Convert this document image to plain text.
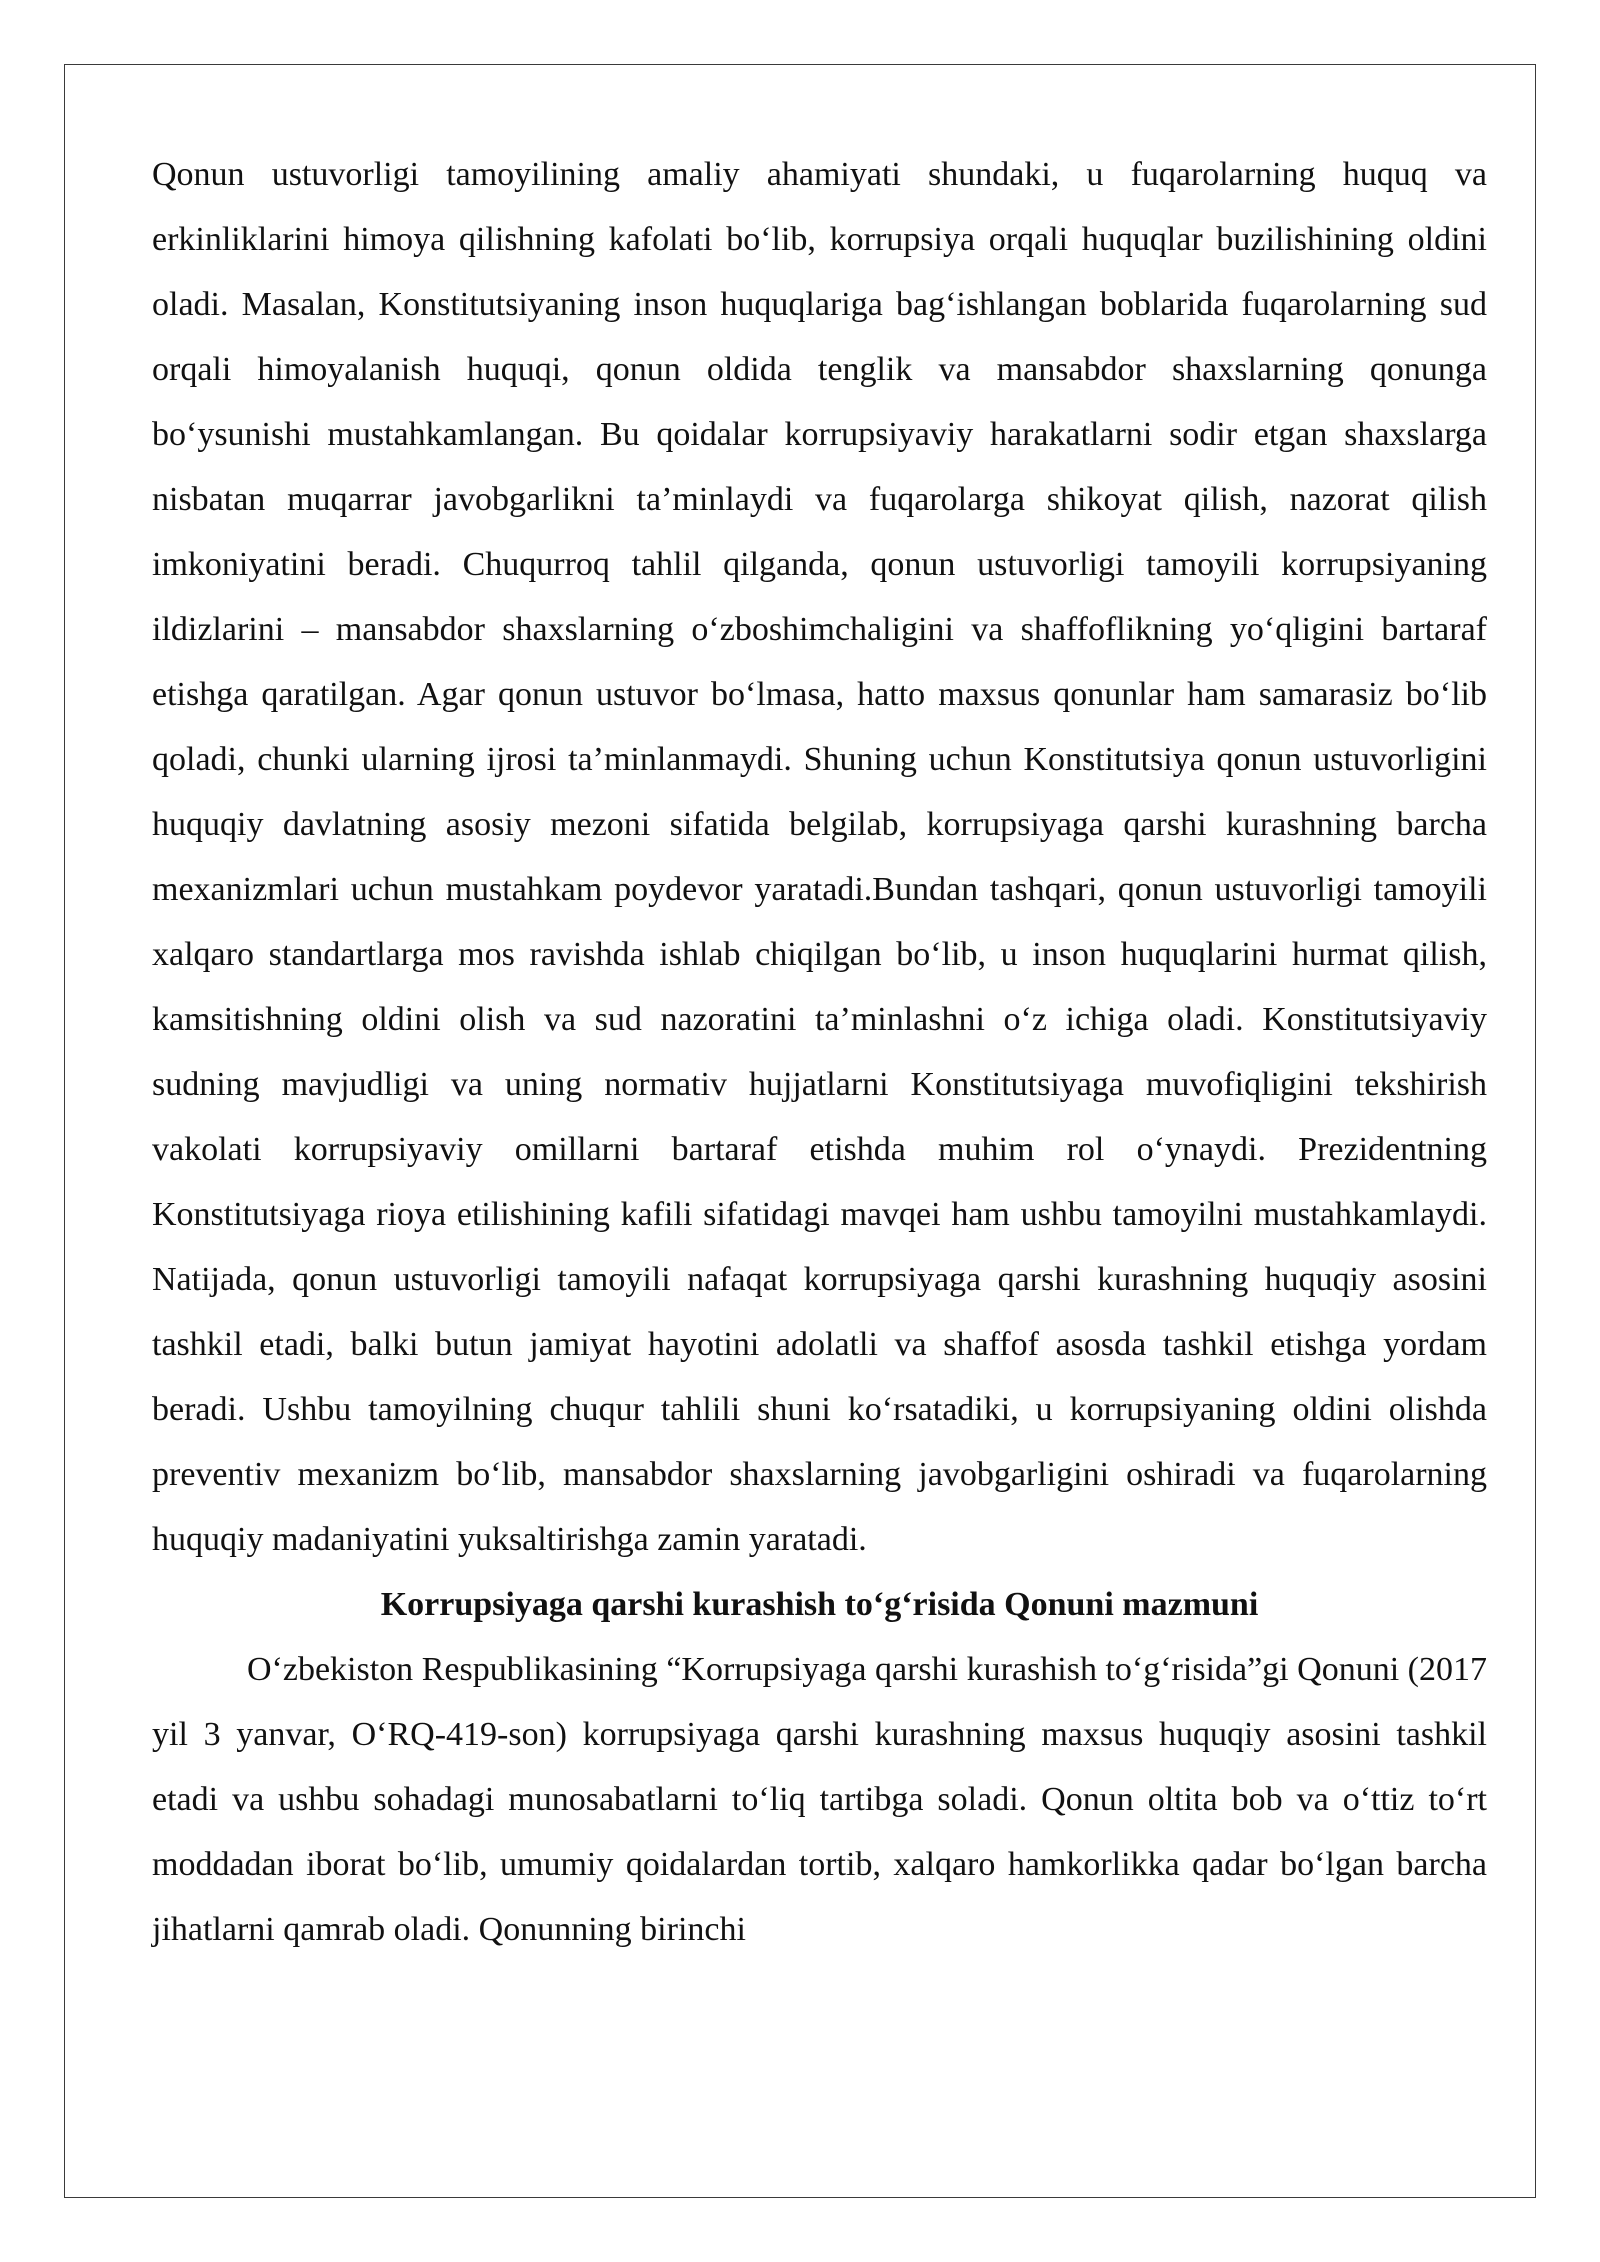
Qonun ustuvorligi tamoyilining amaliy ahamiyati shundaki, u fuqarolarning huquq va erkinliklarini himoya qilishning kafolati bo‘lib, korrupsiya orqali huquqlar buzilishining oldini oladi. Masalan, Konstitutsiyaning inson huquqlariga bag‘ishlangan boblarida fuqarolarning sud orqali himoyalanish huquqi, qonun oldida tenglik va mansabdor shaxslarning qonunga bo‘ysunishi mustahkamlangan. Bu qoidalar korrupsiyaviy harakatlarni sodir etgan shaxslarga nisbatan muqarrar javobgarlikni ta’minlaydi va fuqarolarga shikoyat qilish, nazorat qilish imkoniyatini beradi. Chuqurroq tahlil qilganda, qonun ustuvorligi tamoyili korrupsiyaning ildizlarini – mansabdor shaxslarning o‘zboshimchaligini va shaffoflikning yo‘qligini bartaraf etishga qaratilgan. Agar qonun ustuvor bo‘lmasa, hatto maxsus qonunlar ham samarasiz bo‘lib qoladi, chunki ularning ijrosi ta’minlanmaydi. Shuning uchun Konstitutsiya qonun ustuvorligini huquqiy davlatning asosiy mezoni sifatida belgilab, korrupsiyaga qarshi kurashning barcha mexanizmlari uchun mustahkam poydevor yaratadi.Bundan tashqari, qonun ustuvorligi tamoyili xalqaro standartlarga mos ravishda ishlab chiqilgan bo‘lib, u inson huquqlarini hurmat qilish, kamsitishning oldini olish va sud nazoratini ta’minlashni o‘z ichiga oladi. Konstitutsiyaviy sudning mavjudligi va uning normativ hujjatlarni Konstitutsiyaga muvofiqligini tekshirish vakolati korrupsiyaviy omillarni bartaraf etishda muhim rol o‘ynaydi. Prezidentning Konstitutsiyaga rioya etilishining kafili sifatidagi mavqei ham ushbu tamoyilni mustahkamlaydi. Natijada, qonun ustuvorligi tamoyili nafaqat korrupsiyaga qarshi kurashning huquqiy asosini tashkil etadi, balki butun jamiyat hayotini adolatli va shaffof asosda tashkil etishga yordam beradi. Ushbu tamoyilning chuqur tahlili shuni ko‘rsatadiki, u korrupsiyaning oldini olishda preventiv mexanizm bo‘lib, mansabdor shaxslarning javobgarligini oshiradi va fuqarolarning huquqiy madaniyatini yuksaltirishga zamin yaratadi.

Korrupsiyaga qarshi kurashish to‘g‘risida Qonuni mazmuni

O‘zbekiston Respublikasining “Korrupsiyaga qarshi kurashish to‘g‘risida”gi Qonuni (2017 yil 3 yanvar, O‘RQ-419-son) korrupsiyaga qarshi kurashning maxsus huquqiy asosini tashkil etadi va ushbu sohadagi munosabatlarni to‘liq tartibga soladi. Qonun oltita bob va o‘ttiz to‘rt moddadan iborat bo‘lib, umumiy qoidalardan tortib, xalqaro hamkorlikka qadar bo‘lgan barcha jihatlarni qamrab oladi. Qonunning birinchi
